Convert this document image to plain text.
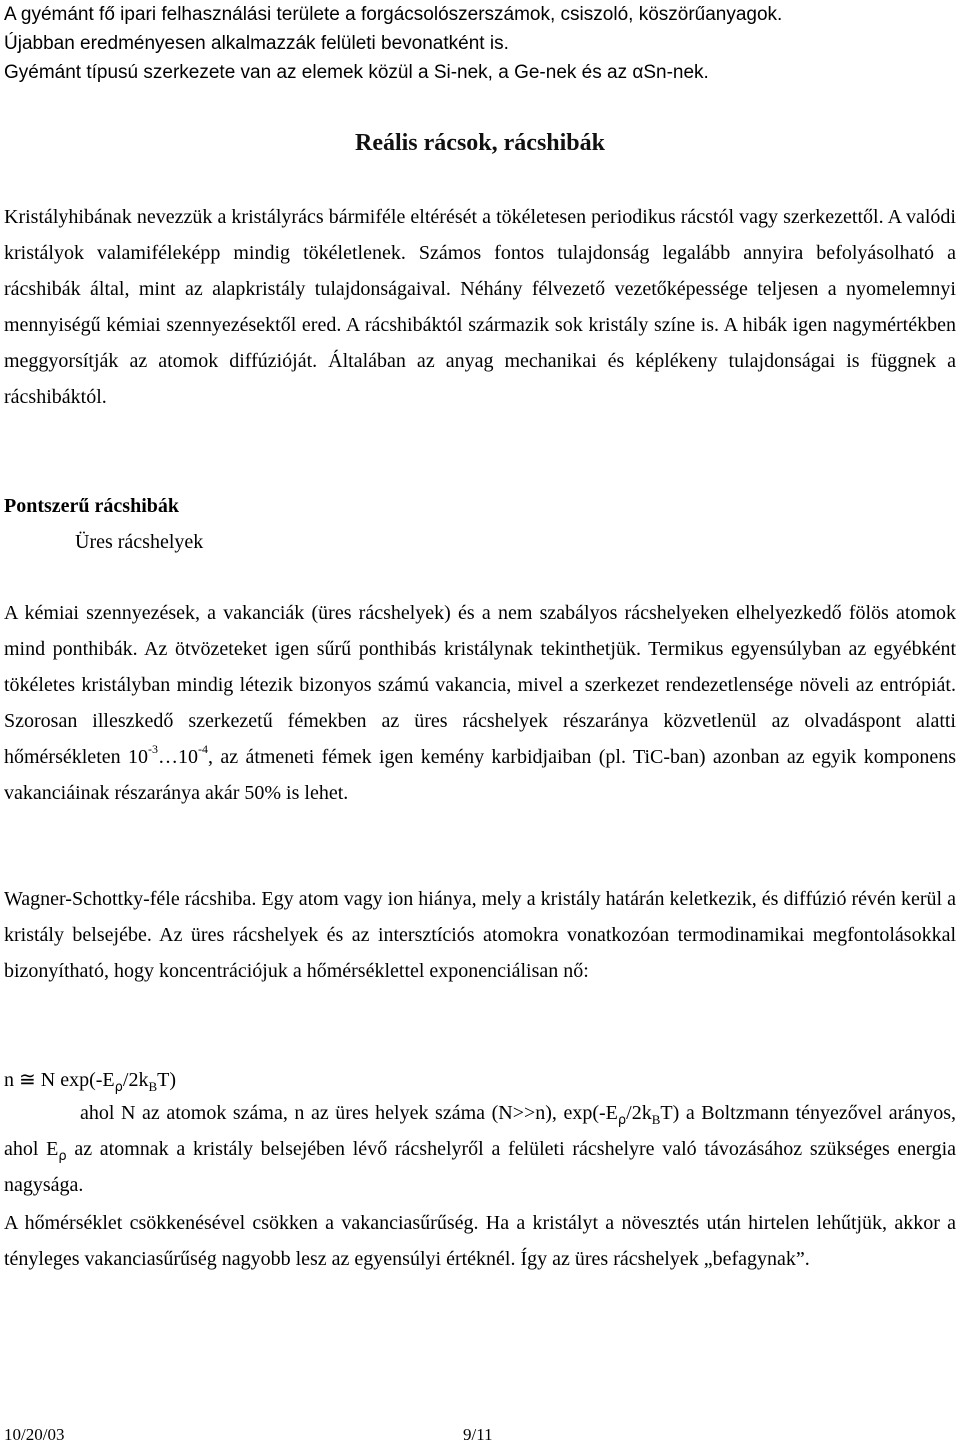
A gyémánt fő ipari felhasználási területe a forgácsolószerszámok, csiszoló, köszörűanyagok.
Újabban eredményesen alkalmazzák felületi bevonatként is.
Gyémánt típusú szerkezete van az elemek közül a Si-nek, a Ge-nek és az αSn-nek.
Reális rácsok, rácshibák

Kristályhibának nevezzük a kristályrács bármiféle eltérését a tökéletesen periodikus rácstól vagy szerkezettől. A valódi kristályok valamiféleképp mindig tökéletlenek. Számos fontos tulajdonság legalább annyira befolyásolható a rácshibák által, mint az alapkristály tulajdonságaival. Néhány félvezető vezetőképessége teljesen a nyomelemnyi mennyiségű kémiai szennyezésektől ered. A rácshibáktól származik sok kristály színe is. A hibák igen nagymértékben meggyorsítják az atomok diffúzióját. Általában az anyag mechanikai és képlékeny tulajdonságai is függnek a rácshibáktól.

Pontszerű rácshibák
Üres rácshelyek

A kémiai szennyezések, a vakanciák (üres rácshelyek) és a nem szabályos rácshelyeken elhelyezkedő fölös atomok mind ponthibák. Az ötvözeteket igen sűrű ponthibás kristálynak tekinthetjük. Termikus egyensúlyban az egyébként tökéletes kristályban mindig létezik bizonyos számú vakancia, mivel a szerkezet rendezetlensége növeli az entrópiát. Szorosan illeszkedő szerkezetű fémekben az üres rácshelyek részaránya közvetlenül az olvadáspont alatti hőmérsékleten $10^{-3}\dots 10^{-4}$, az átmeneti fémek igen kemény karbidjaiban (pl. TiC-ban) azonban az egyik komponens vakanciáinak részaránya akár 50% is lehet.

Wagner-Schottky-féle rácshiba. Egy atom vagy ion hiánya, mely a kristály határán keletkezik, és diffúzió révén kerül a kristály belsejébe. Az üres rácshelyek és az intersztíciós atomokra vonatkozóan termodinamikai megfontolásokkal bizonyítható, hogy koncentrációjuk a hőmérséklettel exponenciálisan nő:

n ≅ N $\exp(-E_\rho/2k_BT)$

ahol N az atomok száma, n az üres helyek száma (N>>n), $\exp(-E_\rho/2k_BT)$ a Boltzmann tényezővel arányos, ahol $E_\rho$ az atomnak a kristály belsejében lévő rácshelyről a felületi rácshelyre való távozásához szükséges energia nagysága.

A hőmérséklet csökkenésével csökken a vakanciasűrűség. Ha a kristályt a növesztés után hirtelen lehűtjük, akkor a tényleges vakanciasűrűség nagyobb lesz az egyensúlyi értéknél. Így az üres rácshelyek „befagynak”.

10/20/03	9/11
